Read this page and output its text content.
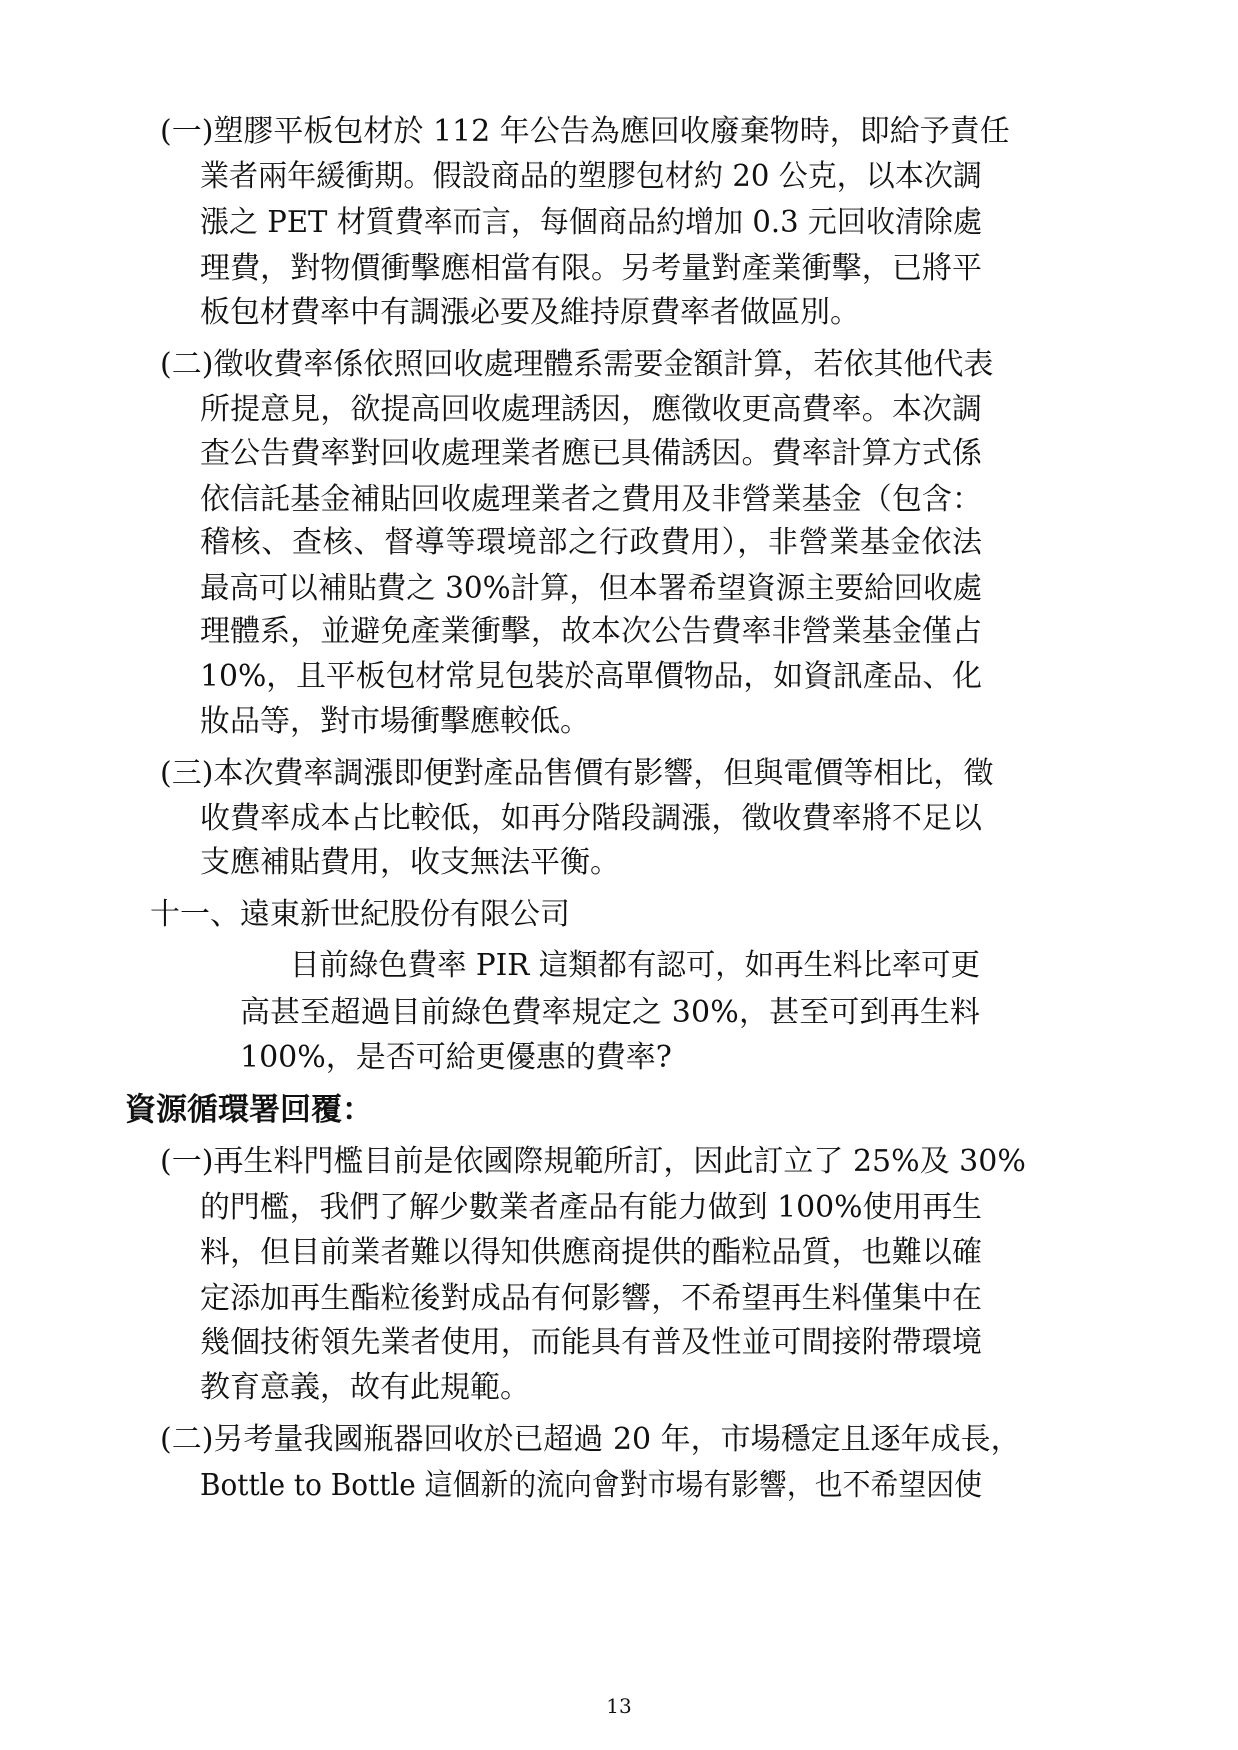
(一)塑膠平板包材於 112 年公告為應回收廢棄物時，即給予責任
業者兩年緩衝期。假設商品的塑膠包材約 20 公克，以本次調
漲之 PET 材質費率而言，每個商品約增加 0.3 元回收清除處
理費，對物價衝擊應相當有限。另考量對產業衝擊，已將平
板包材費率中有調漲必要及維持原費率者做區別。
(二)徵收費率係依照回收處理體系需要金額計算，若依其他代表
所提意見，欲提高回收處理誘因，應徵收更高費率。本次調
查公告費率對回收處理業者應已具備誘因。費率計算方式係
依信託基金補貼回收處理業者之費用及非營業基金（包含：
稽核、查核、督導等環境部之行政費用），非營業基金依法
最高可以補貼費之 30%計算，但本署希望資源主要給回收處
理體系，並避免產業衝擊，故本次公告費率非營業基金僅占
10%，且平板包材常見包裝於高單價物品，如資訊產品、化
妝品等，對市場衝擊應較低。
(三)本次費率調漲即便對產品售價有影響，但與電價等相比，徵
收費率成本占比較低，如再分階段調漲，徵收費率將不足以
支應補貼費用，收支無法平衡。
十一、遠東新世紀股份有限公司
目前綠色費率 PIR 這類都有認可，如再生料比率可更
高甚至超過目前綠色費率規定之 30%，甚至可到再生料
100%，是否可給更優惠的費率?
資源循環署回覆：
(一)再生料門檻目前是依國際規範所訂，因此訂立了 25%及 30%
的門檻，我們了解少數業者產品有能力做到 100%使用再生
料，但目前業者難以得知供應商提供的酯粒品質，也難以確
定添加再生酯粒後對成品有何影響，不希望再生料僅集中在
幾個技術領先業者使用，而能具有普及性並可間接附帶環境
教育意義，故有此規範。
(二)另考量我國瓶器回收於已超過 20 年，市場穩定且逐年成長，
Bottle to Bottle 這個新的流向會對市場有影響，也不希望因使
13
